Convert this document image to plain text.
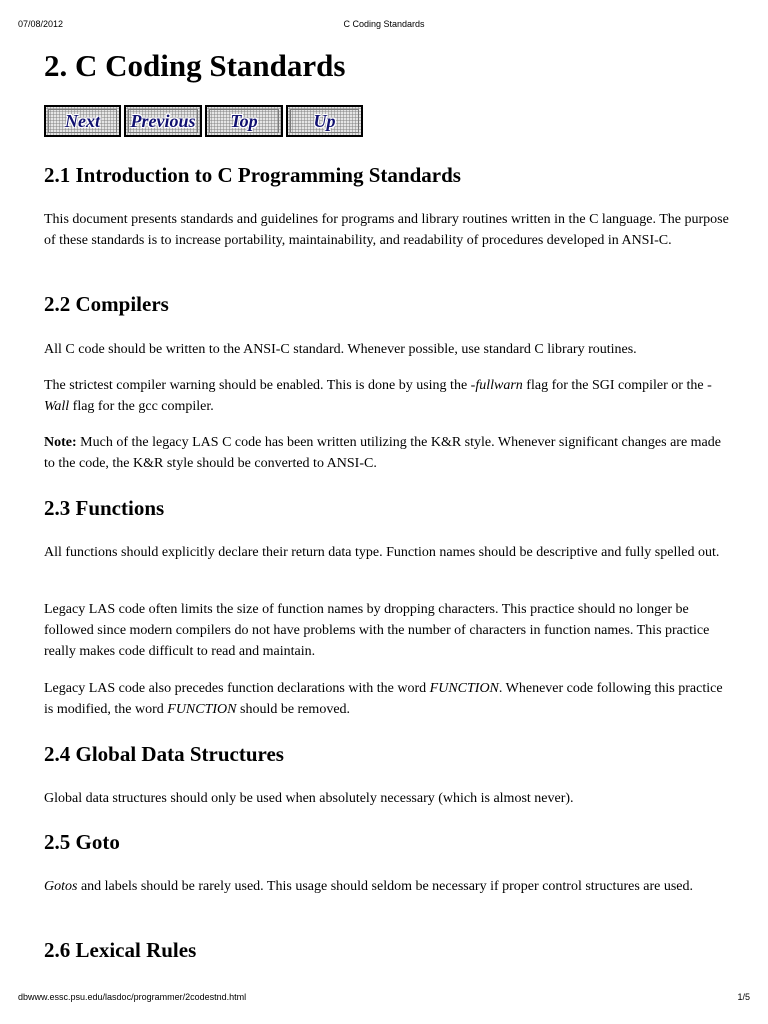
07/08/2012	C Coding Standards
2. C Coding Standards
Next	Previous	Top	Up
2.1 Introduction to C Programming Standards

This document presents standards and guidelines for programs and library routines written in the C language. The purpose of these standards is to increase portability, maintainability, and readability of procedures developed in ANSI-C.

2.2 Compilers

All C code should be written to the ANSI-C standard. Whenever possible, use standard C library routines.

The strictest compiler warning should be enabled. This is done by using the -fullwarn flag for the SGI compiler or the -Wall flag for the gcc compiler.

Note: Much of the legacy LAS C code has been written utilizing the K&R style. Whenever significant changes are made to the code, the K&R style should be converted to ANSI-C.

2.3 Functions

All functions should explicitly declare their return data type. Function names should be descriptive and fully spelled out.

Legacy LAS code often limits the size of function names by dropping characters. This practice should no longer be followed since modern compilers do not have problems with the number of characters in function names. This practice really makes code difficult to read and maintain.

Legacy LAS code also precedes function declarations with the word FUNCTION. Whenever code following this practice is modified, the word FUNCTION should be removed.

2.4 Global Data Structures

Global data structures should only be used when absolutely necessary (which is almost never).

2.5 Goto

Gotos and labels should be rarely used. This usage should seldom be necessary if proper control structures are used.

2.6 Lexical Rules
dbwww.essc.psu.edu/lasdoc/programmer/2codestnd.html	1/5
